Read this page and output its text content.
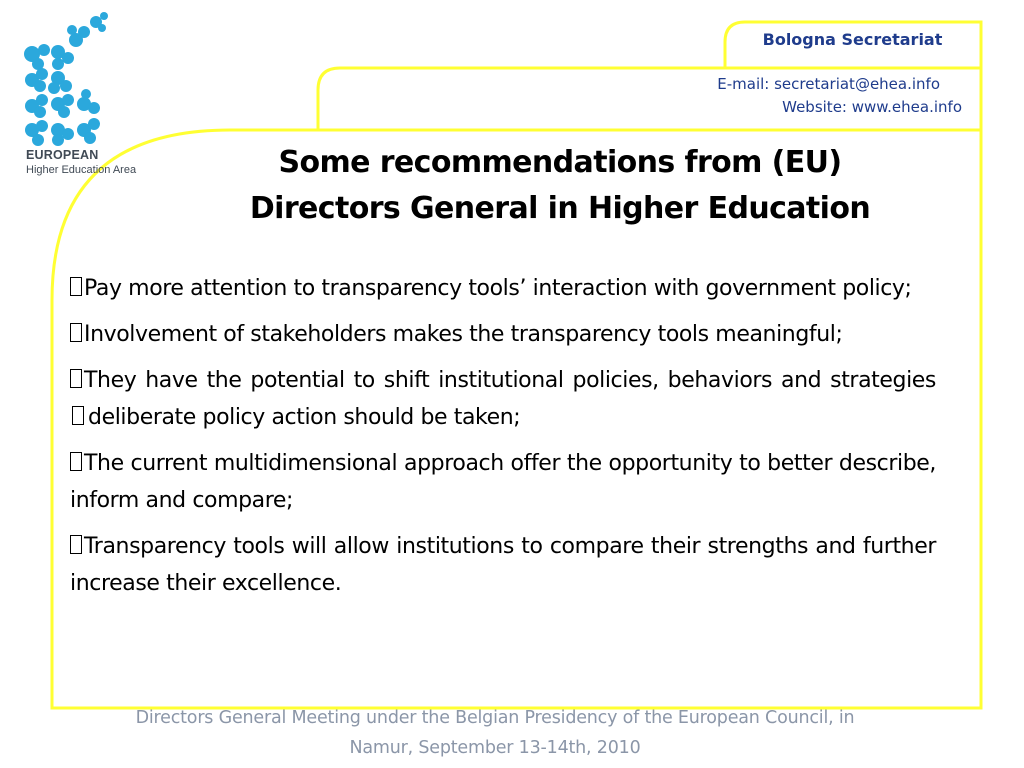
EUROPEAN
Higher Education Area
Bologna Secretariat
E-mail: secretariat@ehea.info
Website: www.ehea.info
Some recommendations from (EU)
Directors General in Higher Education
Pay more attention to transparency tools’ interaction with government policy;
Involvement of stakeholders makes the transparency tools meaningful;
They have the potential to shift institutional policies, behaviors and strategies deliberate policy action should be taken;
The current multidimensional approach offer the opportunity to better describe, inform and compare;
Transparency tools will allow institutions to compare their strengths and further increase their excellence.
Directors General Meeting under the Belgian Presidency of the European Council, in
Namur, September 13-14th, 2010
